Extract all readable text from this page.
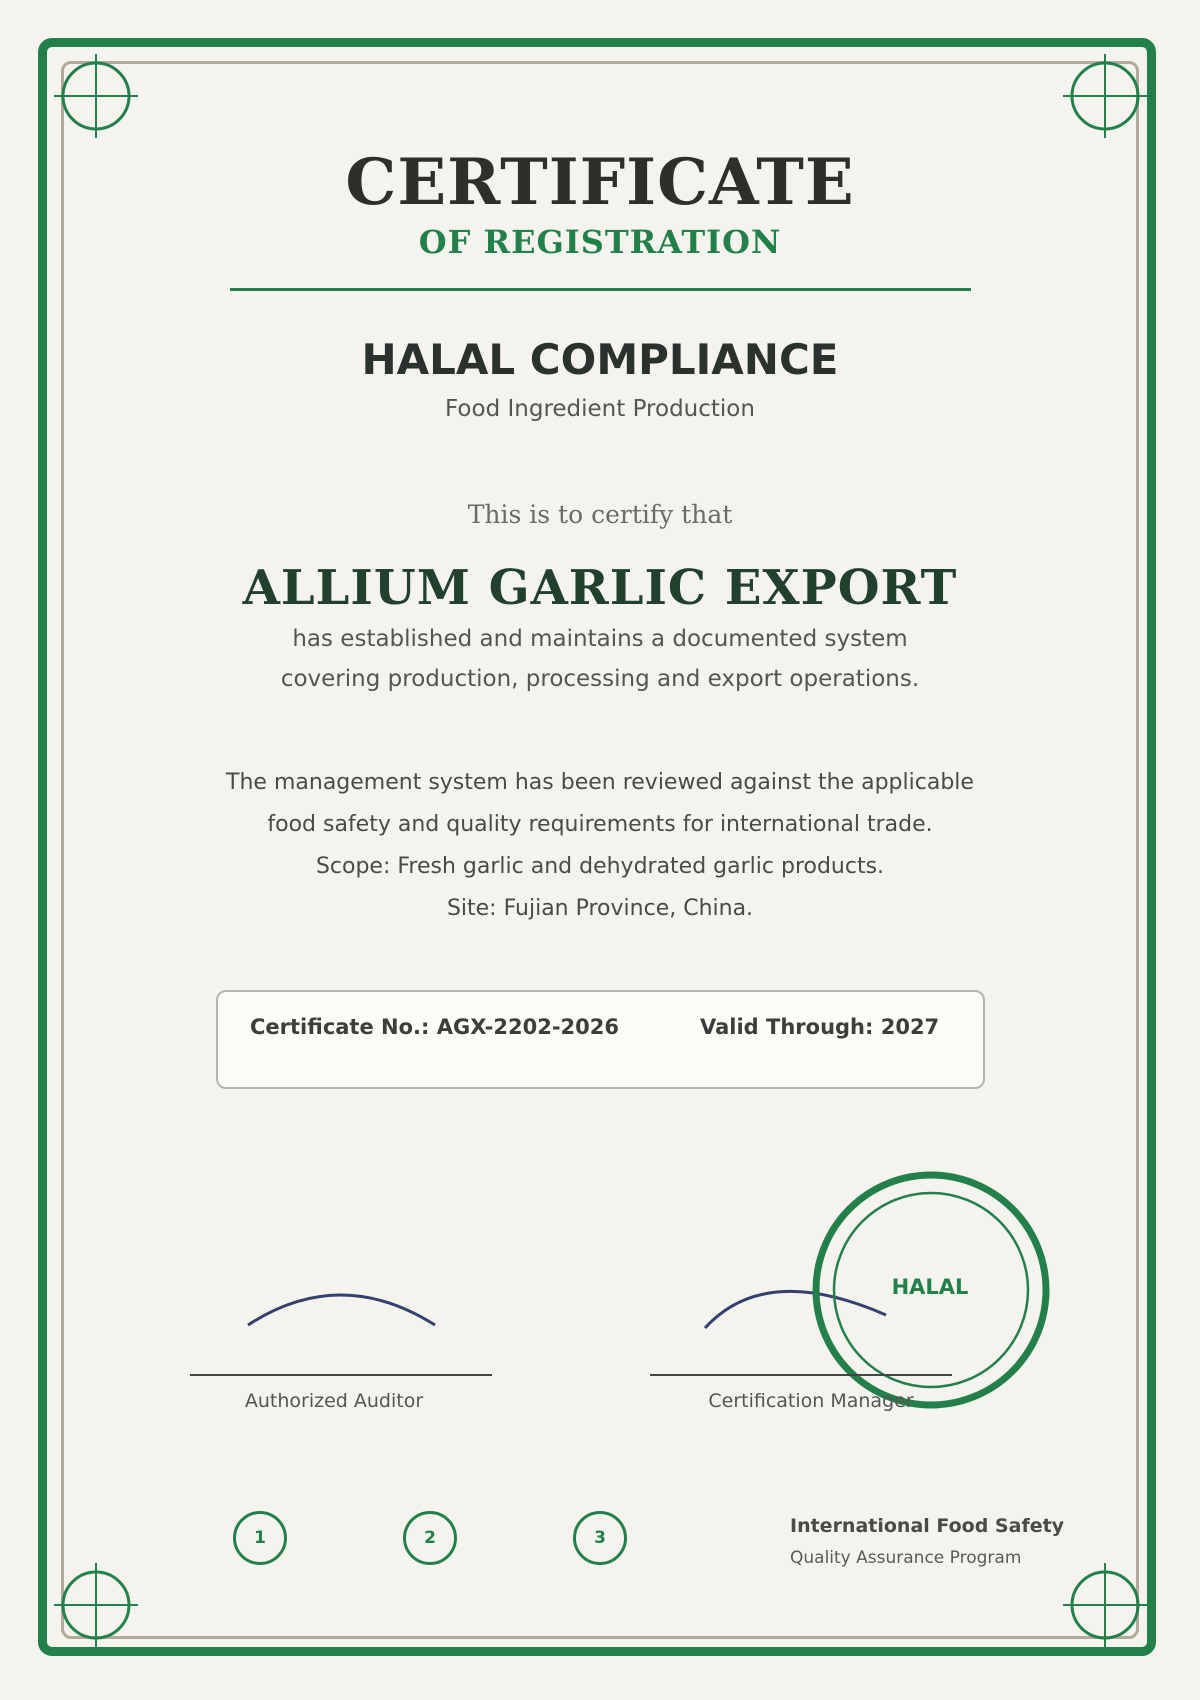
CERTIFICATE
OF REGISTRATION
HALAL COMPLIANCE
Food Ingredient Production
This is to certify that
ALLIUM GARLIC EXPORT
has established and maintains a documented system
covering production, processing and export operations.
The management system has been reviewed against the applicable
food safety and quality requirements for international trade.
Scope: Fresh garlic and dehydrated garlic products.
Site: Fujian Province, China.
Certificate No.: AGX-2202-2026	Valid Through: 2027
Authorized Auditor	Certification Manager
HALAL
1	2	3
International Food Safety
Quality Assurance Program
